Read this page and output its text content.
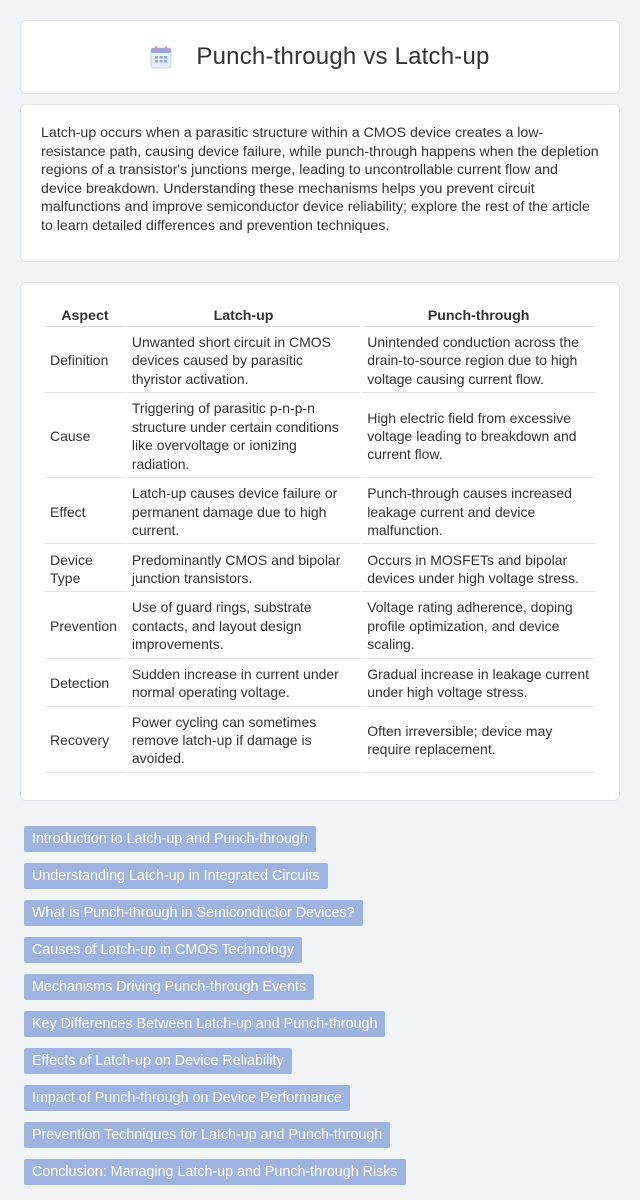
Punch-through vs Latch-up

Latch-up occurs when a parasitic structure within a CMOS device creates a low-resistance path, causing device failure, while punch-through happens when the depletion regions of a transistor's junctions merge, leading to uncontrollable current flow and device breakdown. Understanding these mechanisms helps you prevent circuit malfunctions and improve semiconductor device reliability; explore the rest of the article to learn detailed differences and prevention techniques.

Aspect	Latch-up	Punch-through
Definition	Unwanted short circuit in CMOS devices caused by parasitic thyristor activation.	Unintended conduction across the drain-to-source region due to high voltage causing current flow.
Cause	Triggering of parasitic p-n-p-n structure under certain conditions like overvoltage or ionizing radiation.	High electric field from excessive voltage leading to breakdown and current flow.
Effect	Latch-up causes device failure or permanent damage due to high current.	Punch-through causes increased leakage current and device malfunction.
Device Type	Predominantly CMOS and bipolar junction transistors.	Occurs in MOSFETs and bipolar devices under high voltage stress.
Prevention	Use of guard rings, substrate contacts, and layout design improvements.	Voltage rating adherence, doping profile optimization, and device scaling.
Detection	Sudden increase in current under normal operating voltage.	Gradual increase in leakage current under high voltage stress.
Recovery	Power cycling can sometimes remove latch-up if damage is avoided.	Often irreversible; device may require replacement.
Introduction to Latch-up and Punch-through
Understanding Latch-up in Integrated Circuits
What is Punch-through in Semiconductor Devices?
Causes of Latch-up in CMOS Technology
Mechanisms Driving Punch-through Events
Key Differences Between Latch-up and Punch-through
Effects of Latch-up on Device Reliability
Impact of Punch-through on Device Performance
Prevention Techniques for Latch-up and Punch-through
Conclusion: Managing Latch-up and Punch-through Risks
